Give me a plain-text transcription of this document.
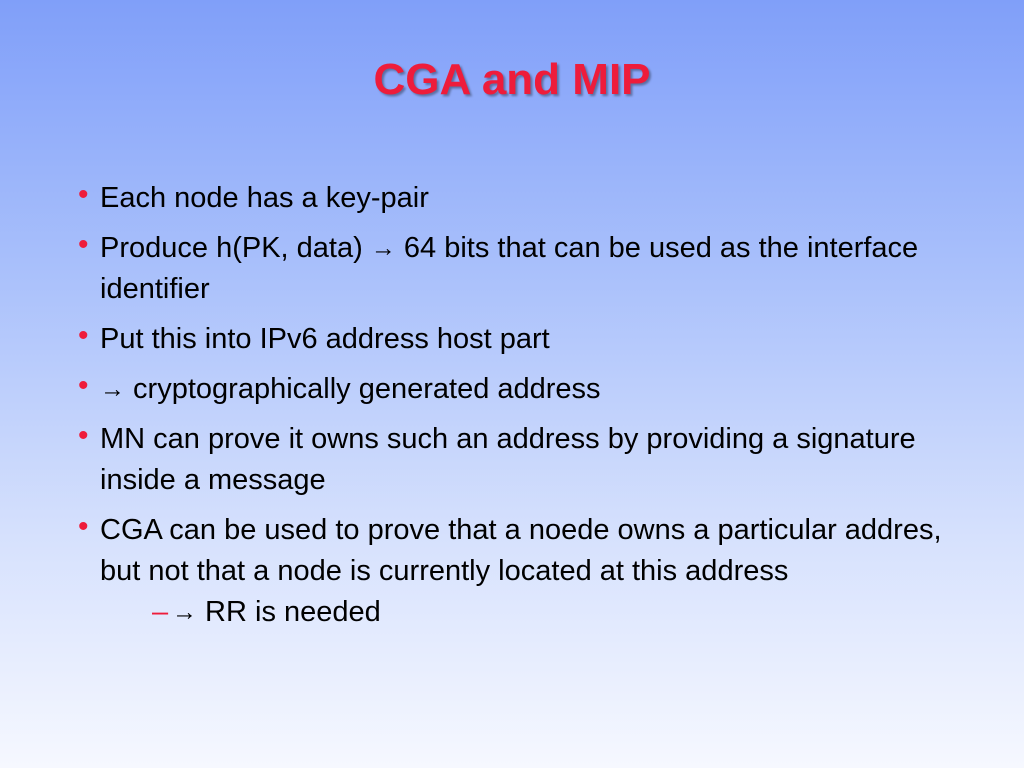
CGA and MIP
• Each node has a key-pair
• Produce h(PK, data) → 64 bits that can be used as the interface identifier
• Put this into IPv6 address host part
• → cryptographically generated address
• MN can prove it owns such an address by providing a signature inside a message
• CGA can be used to prove that a noede owns a particular addres, but not that a node is currently located at this address
– → RR is needed
